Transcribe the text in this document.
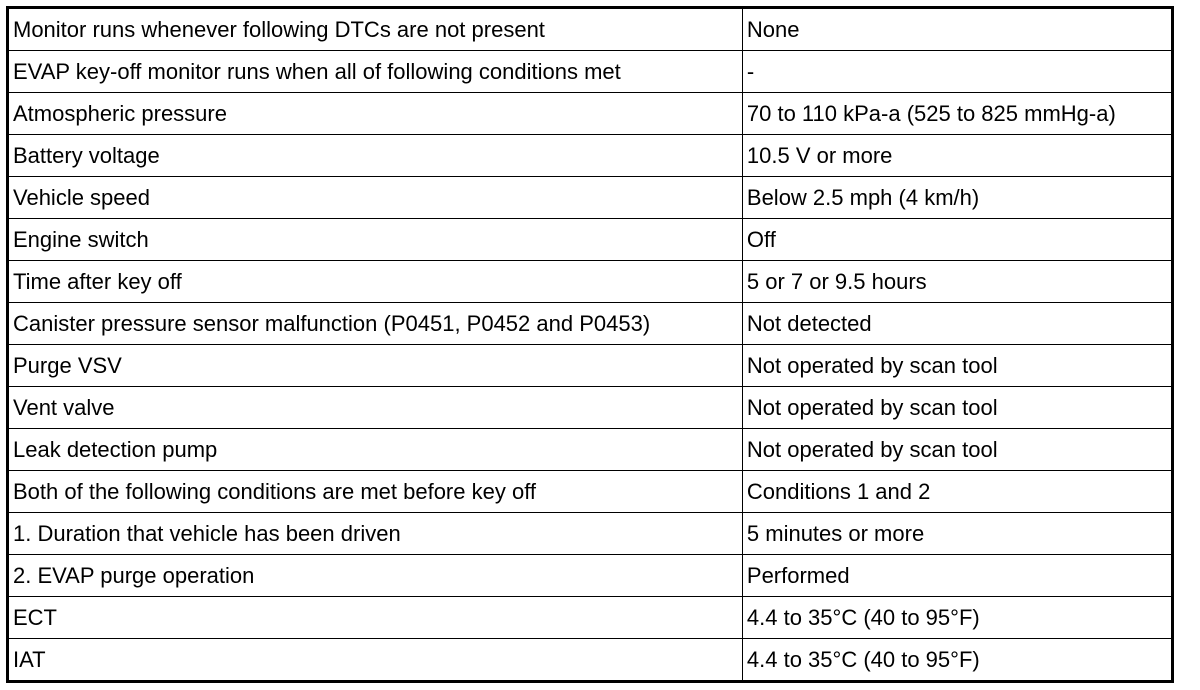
Monitor runs whenever following DTCs are not present	None
EVAP key-off monitor runs when all of following conditions met	-
Atmospheric pressure	70 to 110 kPa-a (525 to 825 mmHg-a)
Battery voltage	10.5 V or more
Vehicle speed	Below 2.5 mph (4 km/h)
Engine switch	Off
Time after key off	5 or 7 or 9.5 hours
Canister pressure sensor malfunction (P0451, P0452 and P0453)	Not detected
Purge VSV	Not operated by scan tool
Vent valve	Not operated by scan tool
Leak detection pump	Not operated by scan tool
Both of the following conditions are met before key off	Conditions 1 and 2
1. Duration that vehicle has been driven	5 minutes or more
2. EVAP purge operation	Performed
ECT	4.4 to 35°C (40 to 95°F)
IAT	4.4 to 35°C (40 to 95°F)
